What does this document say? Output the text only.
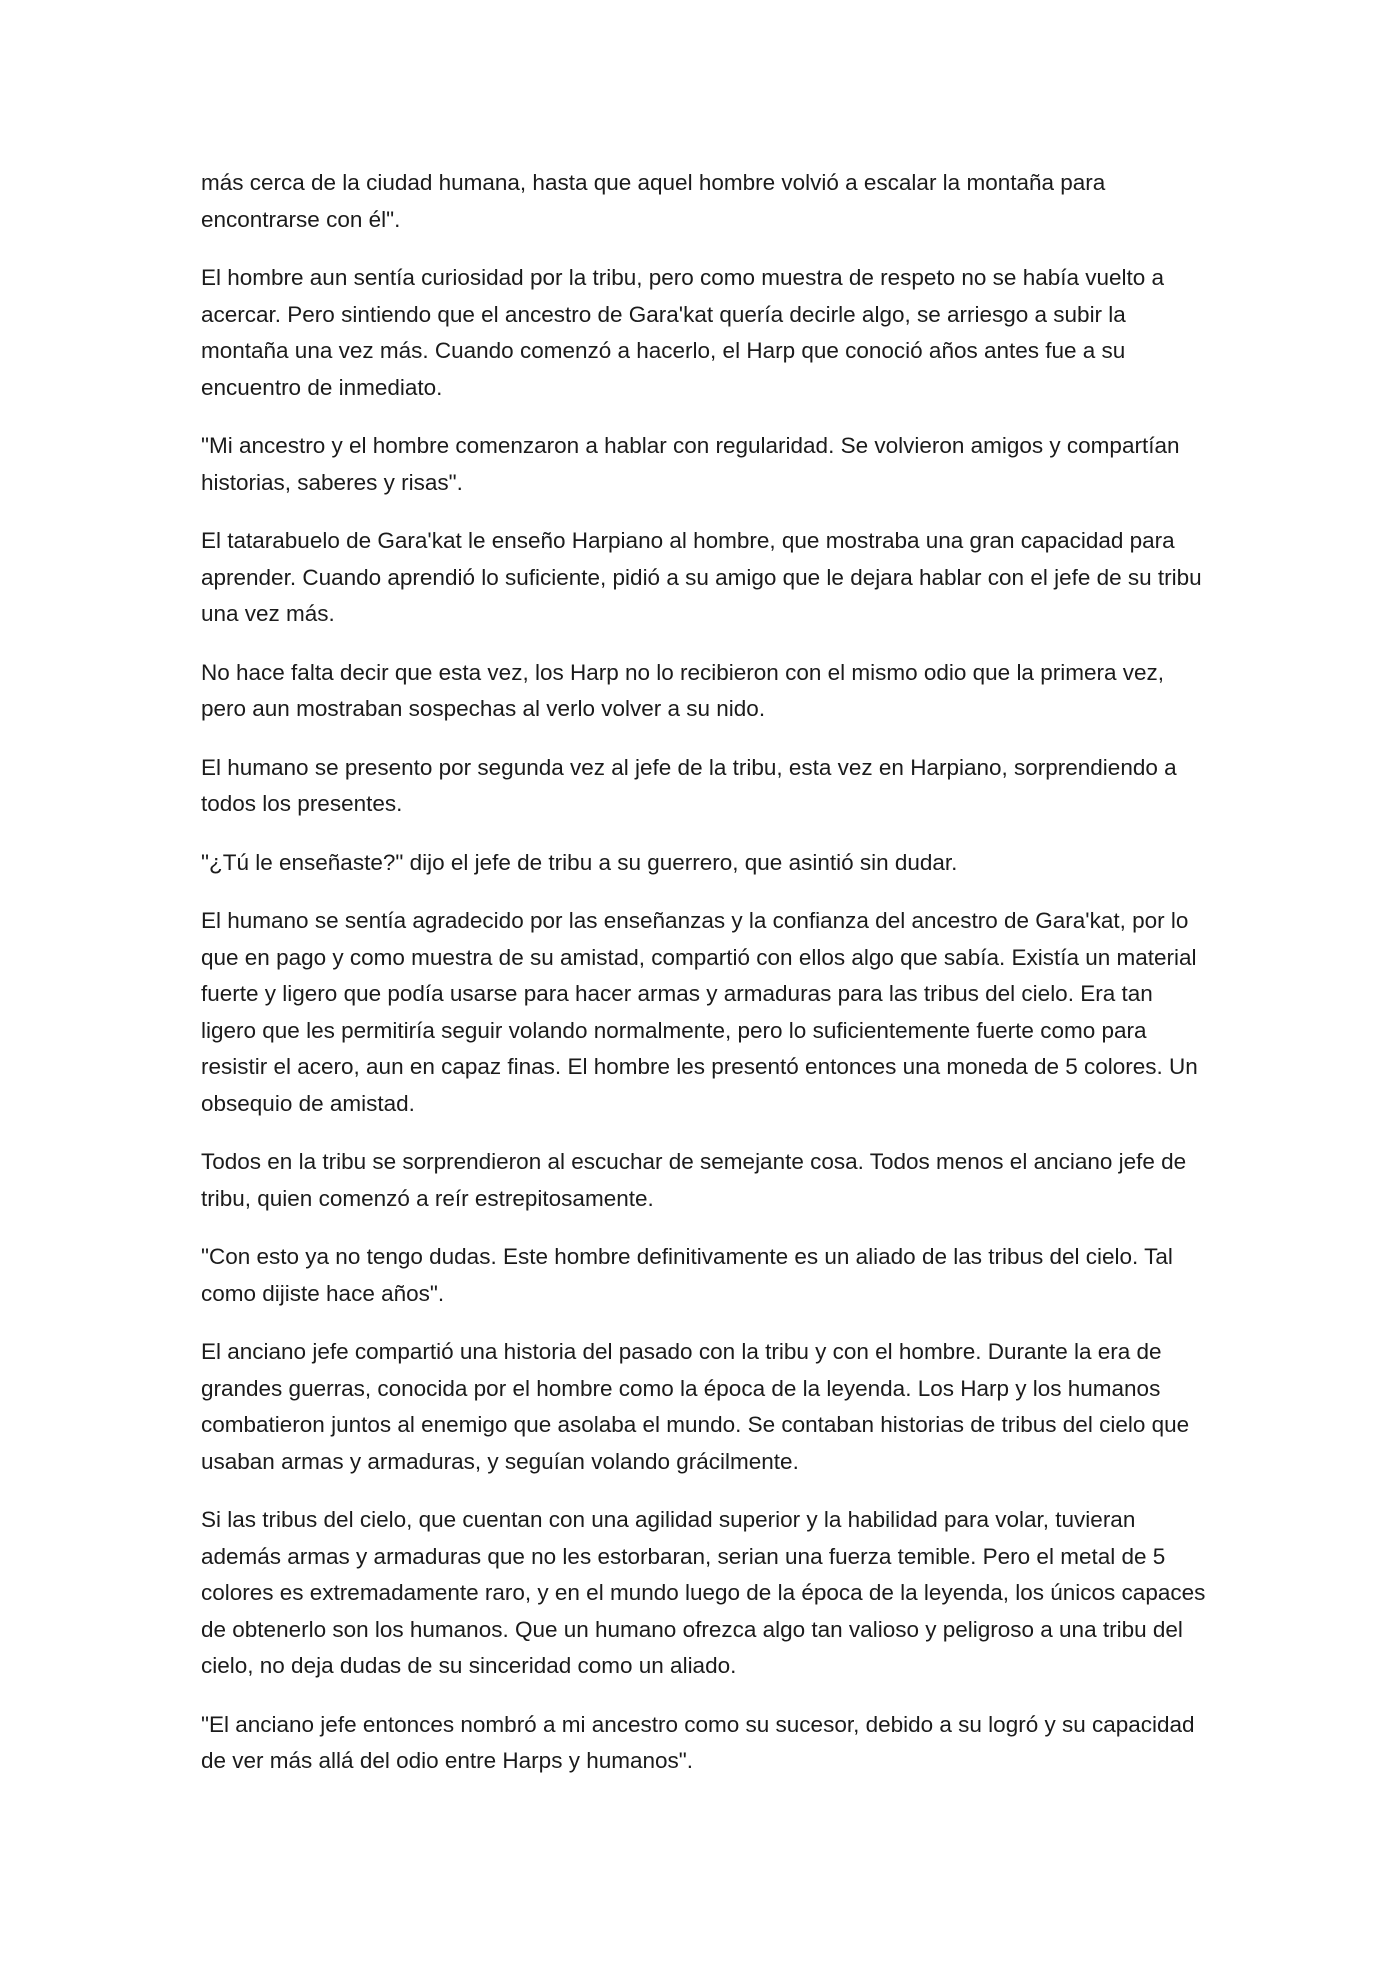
más cerca de la ciudad humana, hasta que aquel hombre volvió a escalar la montaña para encontrarse con él".

El hombre aun sentía curiosidad por la tribu, pero como muestra de respeto no se había vuelto a acercar. Pero sintiendo que el ancestro de Gara'kat quería decirle algo, se arriesgo a subir la montaña una vez más. Cuando comenzó a hacerlo, el Harp que conoció años antes fue a su encuentro de inmediato.

"Mi ancestro y el hombre comenzaron a hablar con regularidad. Se volvieron amigos y compartían historias, saberes y risas".

El tatarabuelo de Gara'kat le enseño Harpiano al hombre, que mostraba una gran capacidad para aprender. Cuando aprendió lo suficiente, pidió a su amigo que le dejara hablar con el jefe de su tribu una vez más.

No hace falta decir que esta vez, los Harp no lo recibieron con el mismo odio que la primera vez, pero aun mostraban sospechas al verlo volver a su nido.

El humano se presento por segunda vez al jefe de la tribu, esta vez en Harpiano, sorprendiendo a todos los presentes.

"¿Tú le enseñaste?" dijo el jefe de tribu a su guerrero, que asintió sin dudar.

El humano se sentía agradecido por las enseñanzas y la confianza del ancestro de Gara'kat, por lo que en pago y como muestra de su amistad, compartió con ellos algo que sabía. Existía un material fuerte y ligero que podía usarse para hacer armas y armaduras para las tribus del cielo. Era tan ligero que les permitiría seguir volando normalmente, pero lo suficientemente fuerte como para resistir el acero, aun en capaz finas. El hombre les presentó entonces una moneda de 5 colores. Un obsequio de amistad.

Todos en la tribu se sorprendieron al escuchar de semejante cosa. Todos menos el anciano jefe de tribu, quien comenzó a reír estrepitosamente.

"Con esto ya no tengo dudas. Este hombre definitivamente es un aliado de las tribus del cielo. Tal como dijiste hace años".

El anciano jefe compartió una historia del pasado con la tribu y con el hombre. Durante la era de grandes guerras, conocida por el hombre como la época de la leyenda. Los Harp y los humanos combatieron juntos al enemigo que asolaba el mundo. Se contaban historias de tribus del cielo que usaban armas y armaduras, y seguían volando grácilmente.

Si las tribus del cielo, que cuentan con una agilidad superior y la habilidad para volar, tuvieran además armas y armaduras que no les estorbaran, serian una fuerza temible. Pero el metal de 5 colores es extremadamente raro, y en el mundo luego de la época de la leyenda, los únicos capaces de obtenerlo son los humanos. Que un humano ofrezca algo tan valioso y peligroso a una tribu del cielo, no deja dudas de su sinceridad como un aliado.

"El anciano jefe entonces nombró a mi ancestro como su sucesor, debido a su logró y su capacidad de ver más allá del odio entre Harps y humanos".
